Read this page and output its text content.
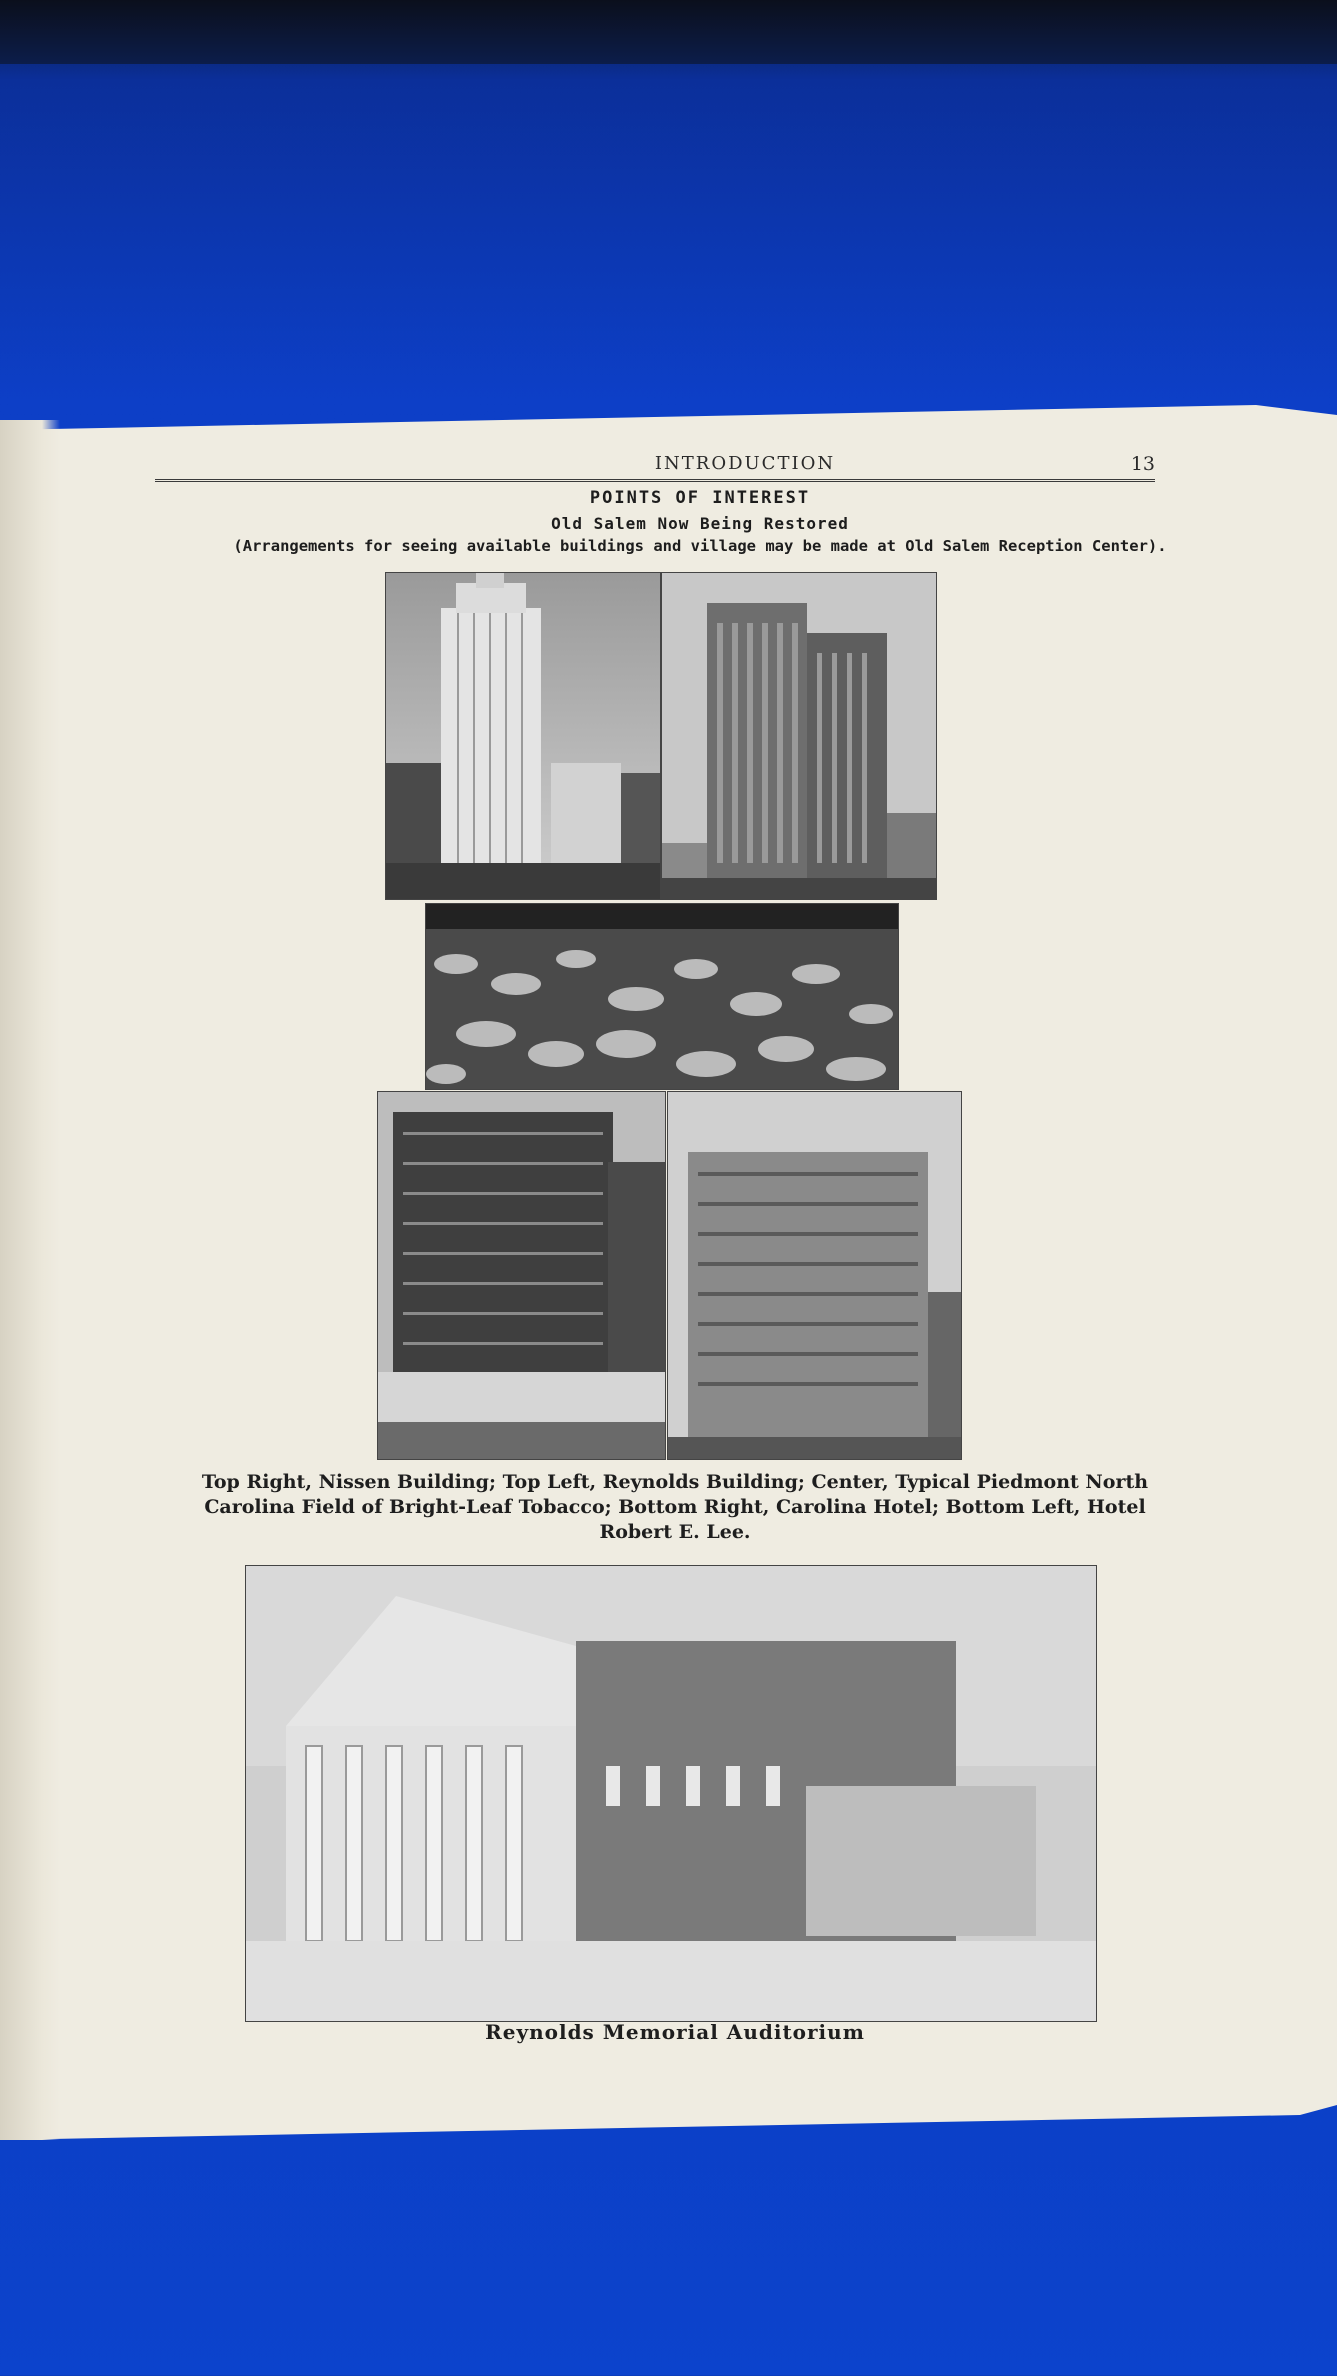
INTRODUCTION	13
POINTS OF INTEREST
Old Salem Now Being Restored
(Arrangements for seeing available buildings and village may be made at Old Salem Reception Center).
Top Right, Nissen Building; Top Left, Reynolds Building; Center, Typical Piedmont North Carolina Field of Bright-Leaf Tobacco; Bottom Right, Carolina Hotel; Bottom Left, Hotel Robert E. Lee.
Reynolds Memorial Auditorium
